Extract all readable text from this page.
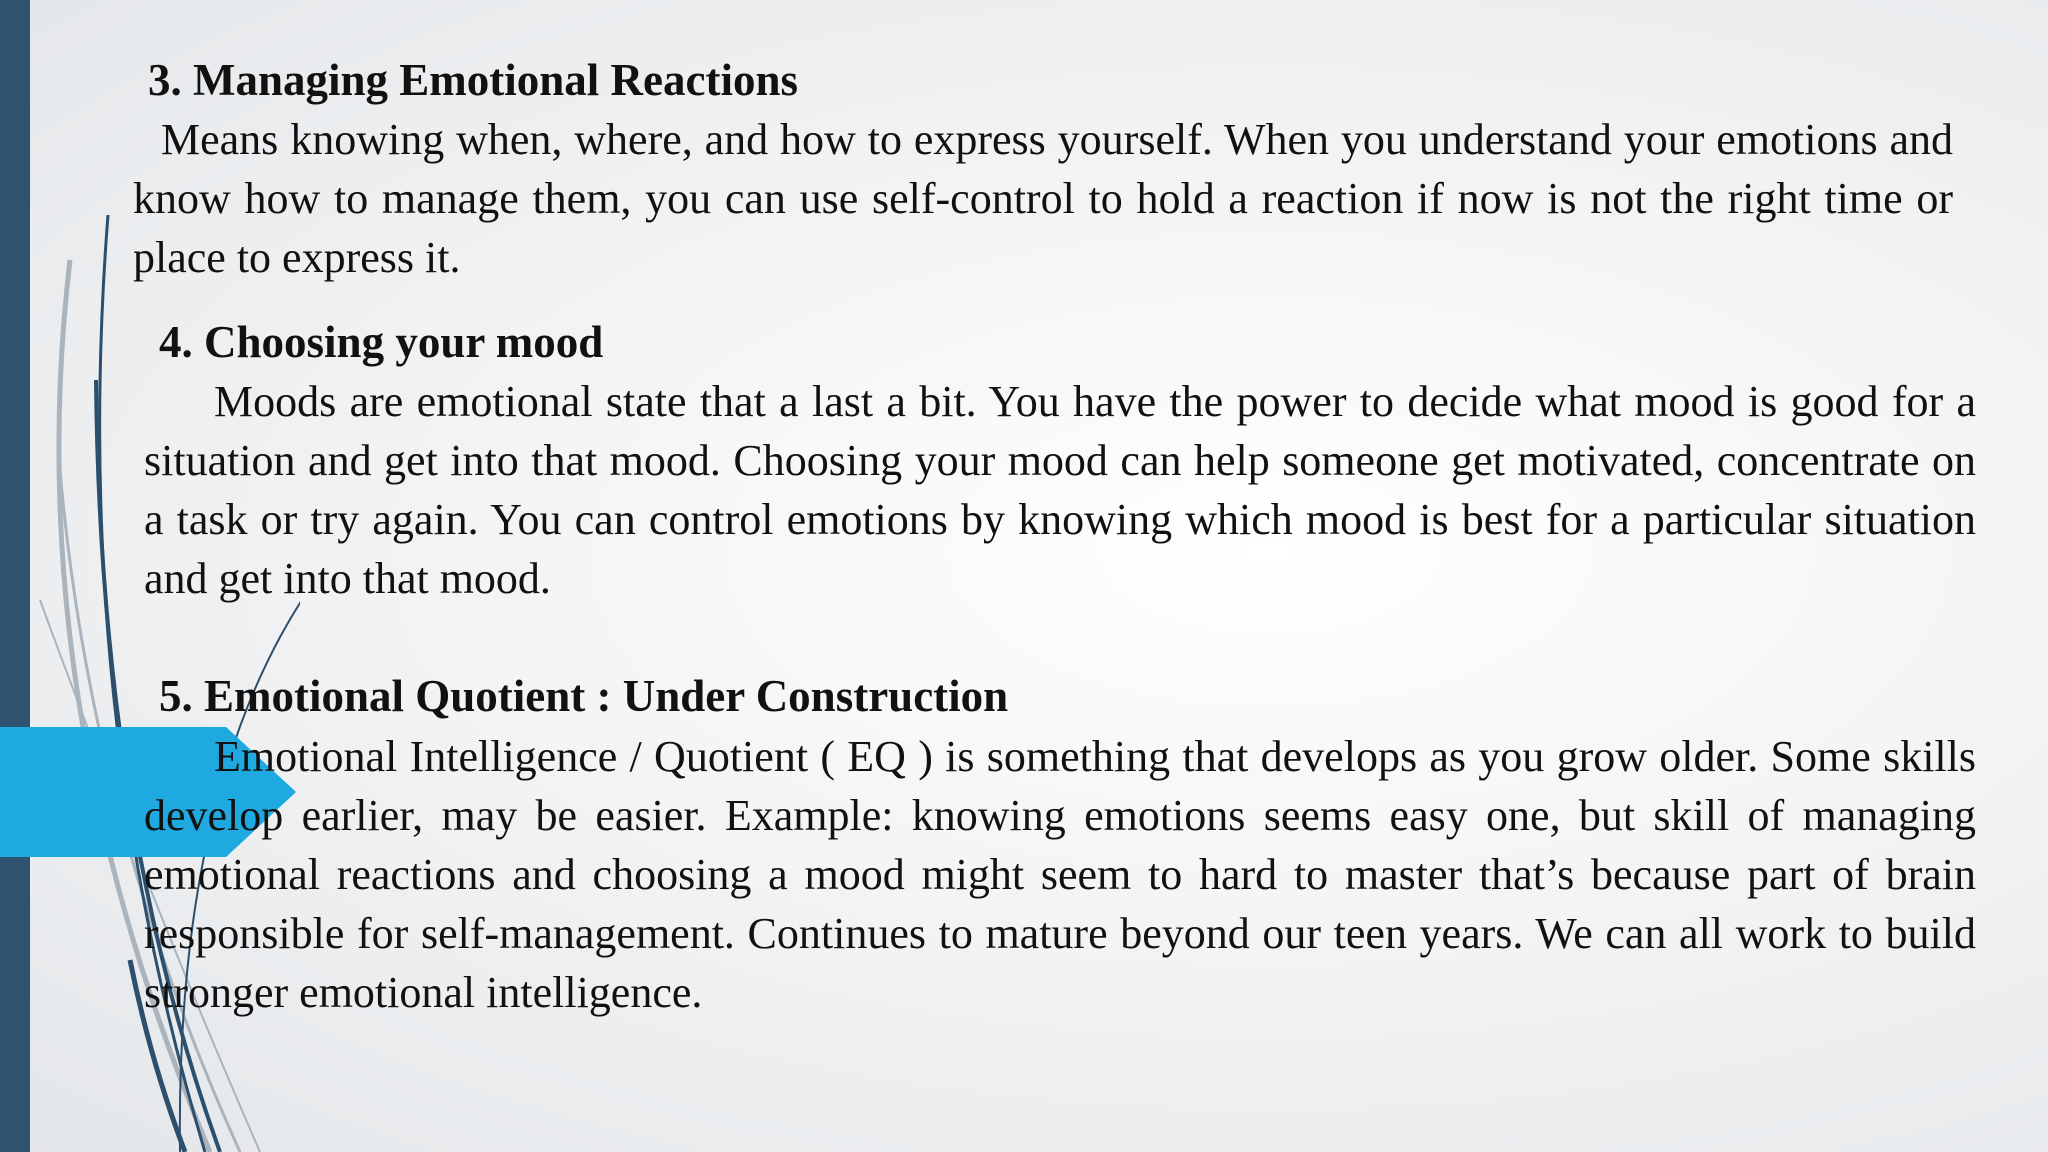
3. Managing Emotional Reactions

Means knowing when, where, and how to express yourself. When you understand your emotions and know how to manage them, you can use self-control to hold a reaction if now is not the right time or place to express it.

4. Choosing your mood

Moods are emotional state that a last a bit. You have the power to decide what mood is good for a situation and get into that mood. Choosing your mood can help someone get motivated, concentrate on a task or try again. You can control emotions by knowing which mood is best for a particular situation and get into that mood.

5. Emotional Quotient : Under Construction

Emotional Intelligence / Quotient ( EQ ) is something that develops as you grow older. Some skills develop earlier, may be easier. Example: knowing emotions seems easy one, but skill of managing emotional reactions and choosing a mood might seem to hard to master that’s because part of brain responsible for self-management. Continues to mature beyond our teen years. We can all work to build stronger emotional intelligence.
